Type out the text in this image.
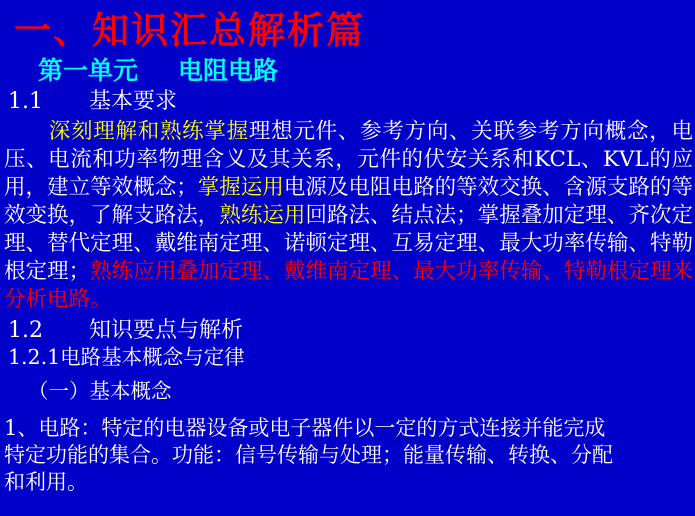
一、知识汇总解析篇
第一单元 电阻电路
1.1 基本要求
深刻理解和熟练掌握理想元件、参考方向、关联参考方向概念，电压、电流和功率物理含义及其关系，元件的伏安关系和KCL、KVL的应用，建立等效概念；掌握运用电源及电阻电路的等效交换、含源支路的等效变换，了解支路法，熟练运用回路法、结点法；掌握叠加定理、齐次定理、替代定理、戴维南定理、诺顿定理、互易定理、最大功率传输、特勒根定理；熟练应用叠加定理、戴维南定理、最大功率传输、特勒根定理来分析电路。
1.2 知识要点与解析
1.2.1电路基本概念与定律
（一）基本概念
1、电路：特定的电器设备或电子器件以一定的方式连接并能完成
特定功能的集合。功能：信号传输与处理；能量传输、转换、分配
和利用。
